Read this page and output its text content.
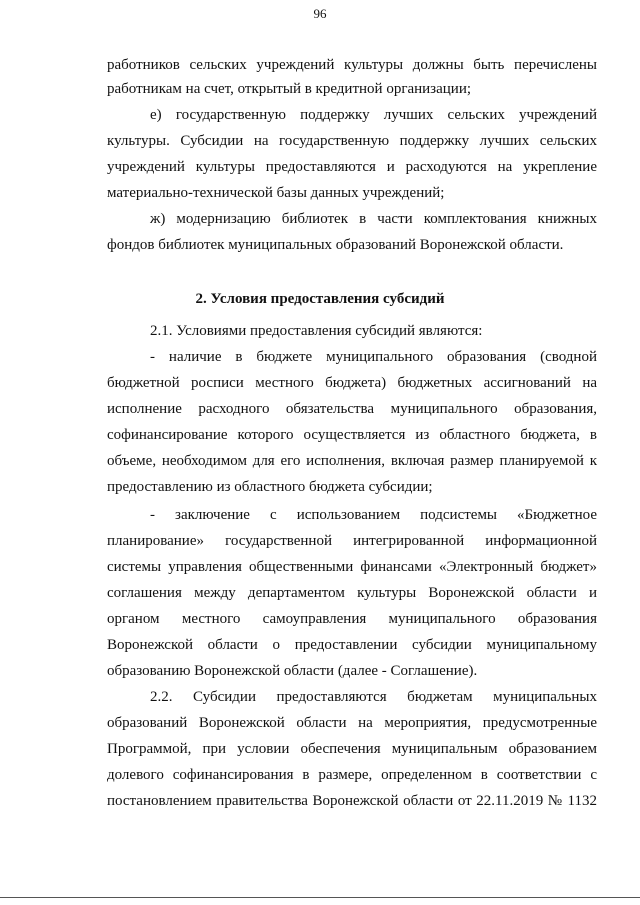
96
работников сельских учреждений культуры должны быть перечислены
работникам на счет, открытый в кредитной организации;
е) государственную поддержку лучших сельских учреждений
культуры. Субсидии на государственную поддержку лучших сельских
учреждений культуры предоставляются и расходуются на укрепление
материально-технической базы данных учреждений;
ж) модернизацию библиотек в части комплектования книжных
фондов библиотек муниципальных образований Воронежской области.
2. Условия предоставления субсидий
2.1. Условиями предоставления субсидий являются:
- наличие в бюджете муниципального образования (сводной
бюджетной росписи местного бюджета) бюджетных ассигнований на
исполнение расходного обязательства муниципального образования,
софинансирование которого осуществляется из областного бюджета, в
объеме, необходимом для его исполнения, включая размер планируемой к
предоставлению из областного бюджета субсидии;
- заключение с использованием подсистемы «Бюджетное
планирование» государственной интегрированной информационной
системы управления общественными финансами «Электронный бюджет»
соглашения между департаментом культуры Воронежской области и
органом местного самоуправления муниципального образования
Воронежской области о предоставлении субсидии муниципальному
образованию Воронежской области (далее - Соглашение).
2.2. Субсидии предоставляются бюджетам муниципальных
образований Воронежской области на мероприятия, предусмотренные
Программой, при условии обеспечения муниципальным образованием
долевого софинансирования в размере, определенном в соответствии с
постановлением правительства Воронежской области от 22.11.2019 № 1132
